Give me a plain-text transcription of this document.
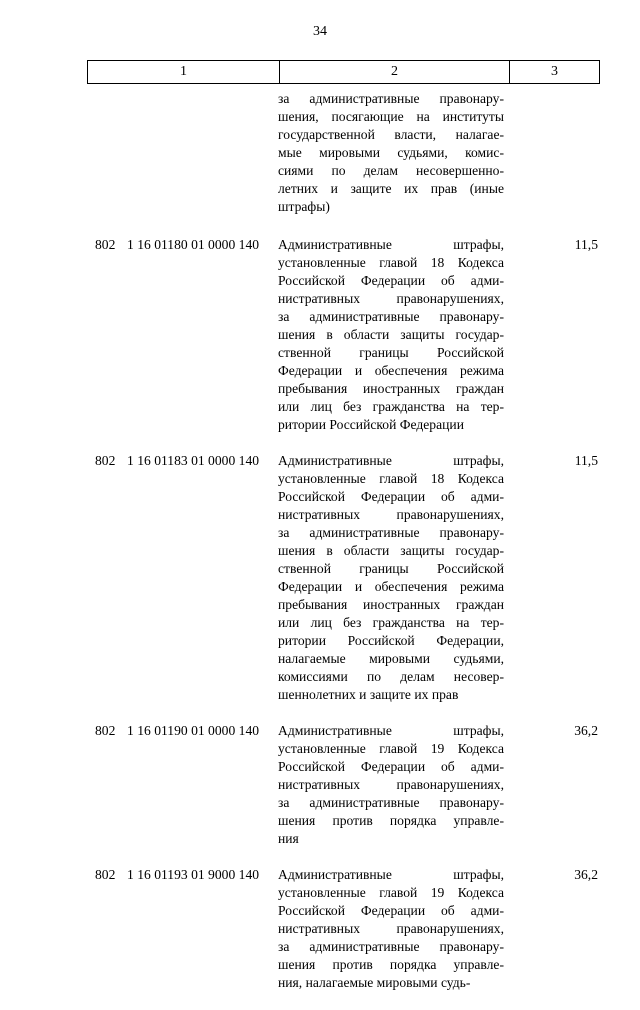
34
1	2	3
за административные правонару-
шения, посягающие на институты
государственной власти, налагае-
мые мировыми судьями, комис-
сиями по делам несовершенно-
летних и защите их прав (иные
штрафы)
802 1 16 01180 01 0000 140 Административные штрафы,
установленные главой 18 Кодекса
Российской Федерации об адми-
нистративных правонарушениях,
за административные правонару-
шения в области защиты государ-
ственной границы Российской
Федерации и обеспечения режима
пребывания иностранных граждан
или лиц без гражданства на тер-
ритории Российской Федерации
11,5
802 1 16 01183 01 0000 140 Административные штрафы,
установленные главой 18 Кодекса
Российской Федерации об адми-
нистративных правонарушениях,
за административные правонару-
шения в области защиты государ-
ственной границы Российской
Федерации и обеспечения режима
пребывания иностранных граждан
или лиц без гражданства на тер-
ритории Российской Федерации,
налагаемые мировыми судьями,
комиссиями по делам несовер-
шеннолетних и защите их прав
11,5
802 1 16 01190 01 0000 140 Административные штрафы,
установленные главой 19 Кодекса
Российской Федерации об адми-
нистративных правонарушениях,
за административные правонару-
шения против порядка управле-
ния
36,2
802 1 16 01193 01 9000 140 Административные штрафы,
установленные главой 19 Кодекса
Российской Федерации об адми-
нистративных правонарушениях,
за административные правонару-
шения против порядка управле-
ния, налагаемые мировыми судь-
36,2
